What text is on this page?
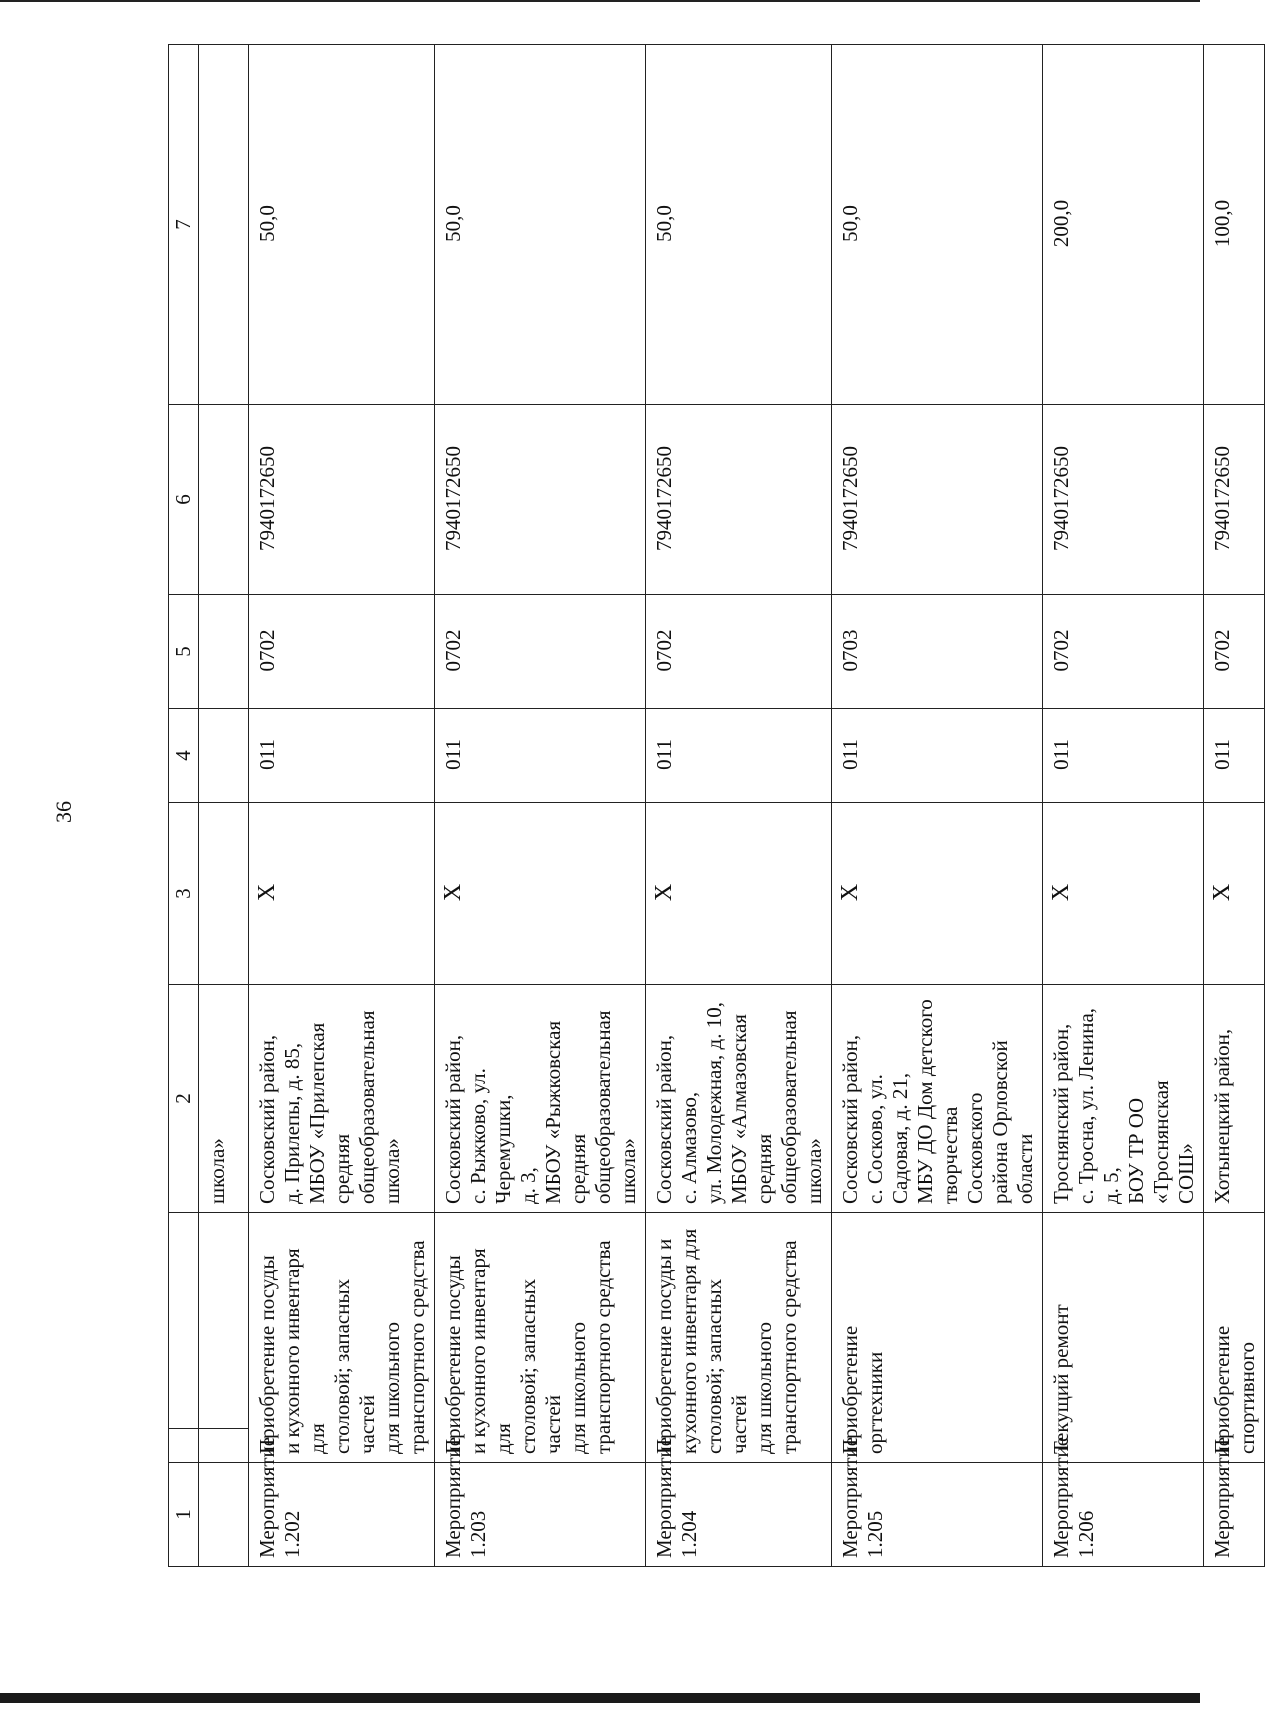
36
1			2	3	4	5	6	7
			школа»					
Мероприятие
1.202	Приобретение посуды
и кухонного инвентаря для
столовой; запасных частей
для школьного
транспортного средства		Сосковский район,
д. Прилепы, д. 85,
МБОУ «Прилепская средняя
общеобразовательная школа»	X	011	0702	7940172650	50,0
Мероприятие
1.203	Приобретение посуды
и кухонного инвентаря для
столовой; запасных частей
для школьного
транспортного средства		Сосковский район,
с. Рыжково, ул. Черемушки,
д. 3,
МБОУ «Рыжковская средняя
общеобразовательная школа»	X	011	0702	7940172650	50,0
Мероприятие
1.204	Приобретение посуды и
кухонного инвентаря для
столовой; запасных частей
для школьного
транспортного средства		Сосковский район,
с. Алмазово,
ул. Молодежная, д. 10,
МБОУ «Алмазовская средняя
общеобразовательная школа»	X	011	0702	7940172650	50,0
Мероприятие
1.205	Приобретение оргтехники		Сосковский район,
с. Сосково, ул. Садовая, д. 21,
МБУ ДО Дом детского
творчества Сосковского
района Орловской области	X	011	0703	7940172650	50,0
Мероприятие
1.206	Текущий ремонт		Троснянский район,
с. Тросна, ул. Ленина, д. 5,
БОУ ТР ОО «Троснянская
СОШ»	X	011	0702	7940172650	200,0
Мероприятие	Приобретение спортивного		Хотынецкий район,	X	011	0702	7940172650	100,0
